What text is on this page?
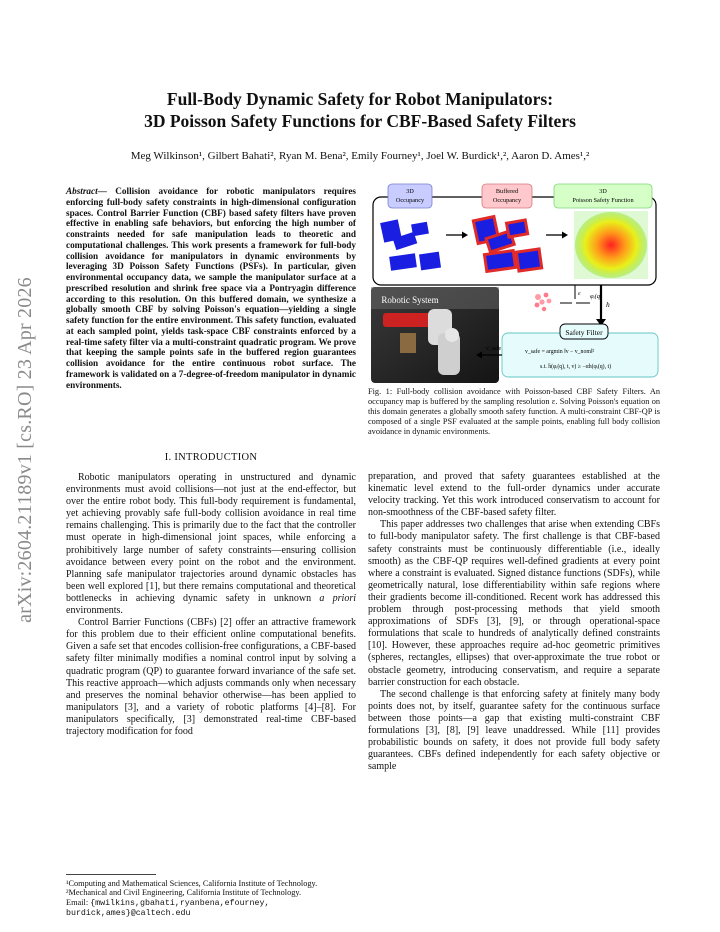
arXiv:2604.21189v1 [cs.RO] 23 Apr 2026
Full-Body Dynamic Safety for Robot Manipulators:
3D Poisson Safety Functions for CBF-Based Safety Filters
Meg Wilkinson¹, Gilbert Bahati², Ryan M. Bena², Emily Fourney¹, Joel W. Burdick¹,², Aaron D. Ames¹,²
Abstract— Collision avoidance for robotic manipulators requires enforcing full-body safety constraints in high-dimensional configuration spaces. Control Barrier Function (CBF) based safety filters have proven effective in enabling safe behaviors, but enforcing the high number of constraints needed for safe manipulation leads to theoretic and computational challenges. This work presents a framework for full-body collision avoidance for manipulators in dynamic environments by leveraging 3D Poisson Safety Functions (PSFs). In particular, given environmental occupancy data, we sample the manipulator surface at a prescribed resolution and shrink free space via a Pontryagin difference according to this resolution. On this buffered domain, we synthesize a globally smooth CBF by solving Poisson's equation—yielding a single safety function for the entire environment. This safety function, evaluated at each sampled point, yields task-space CBF constraints enforced by a real-time safety filter via a multi-constraint quadratic program. We prove that keeping the sample points safe in the buffered region guarantees collision avoidance for the entire continuous robot surface. The framework is validated on a 7-degree-of-freedom manipulator in dynamic environments.
I. INTRODUCTION

Robotic manipulators operating in unstructured and dynamic environments must avoid collisions—not just at the end-effector, but over the entire robot body. This full-body requirement is fundamental, yet achieving provably safe full-body collision avoidance in real time remains challenging. This is primarily due to the fact that the controller must operate in high-dimensional joint spaces, while enforcing a prohibitively large number of safety constraints—ensuring collision avoidance between every point on the robot and the environment. Planning safe manipulator trajectories around dynamic obstacles has been well explored [1], but there remains computational and theoretical bottlenecks in achieving dynamic safety in unknown a priori environments.

Control Barrier Functions (CBFs) [2] offer an attractive framework for this problem due to their efficient online computational benefits. Given a safe set that encodes collision-free configurations, a CBF-based safety filter minimally modifies a nominal control input by solving a quadratic program (QP) to guarantee forward invariance of the safe set. This reactive approach—which adjusts commands only when necessary and preserves the nominal behavior otherwise—has been applied to manipulators [3], and a variety of robotic platforms [4]–[8]. For manipulators specifically, [3] demonstrated real-time CBF-based trajectory modification for food

¹Computing and Mathematical Sciences, California Institute of Technology. ²Mechanical and Civil Engineering, California Institute of Technology.
Email: {mwilkins,gbahati,ryanbena,efourney, burdick,ames}@caltech.edu
3D
Occupancy
Buffered
Occupancy
3D
Poisson Safety Function
Robotic System
ε φᵢ(q)
h
Safety Filter
v_safe = argmin ‖v − v_nom‖²
s.t. ḣ(φᵢ(q), t, v) ≥ −αh(φᵢ(q), t)
v_safe
Fig. 1: Full-body collision avoidance with Poisson-based CBF Safety Filters. An occupancy map is buffered by the sampling resolution ε. Solving Poisson's equation on this domain generates a globally smooth safety function. A multi-constraint CBF-QP is composed of a single PSF evaluated at the sample points, enabling full body collision avoidance in dynamic environments.

preparation, and proved that safety guarantees established at the kinematic level extend to the full-order dynamics under accurate velocity tracking. Yet this work introduced conservatism to account for non-smoothness of the CBF-based safety filter.

This paper addresses two challenges that arise when extending CBFs to full-body manipulator safety. The first challenge is that CBF-based safety constraints must be continuously differentiable (i.e., ideally smooth) as the CBF-QP requires well-defined gradients at every point where a constraint is evaluated. Signed distance functions (SDFs), while geometrically natural, lose differentiability within safe regions where their gradients become ill-conditioned. Recent work has addressed this problem through post-processing methods that yield smooth approximations of SDFs [3], [9], or through operational-space formulations that scale to hundreds of analytically defined constraints [10]. However, these approaches require ad-hoc geometric primitives (spheres, rectangles, ellipses) that over-approximate the true robot or obstacle geometry, introducing conservatism, and require a separate barrier construction for each obstacle.

The second challenge is that enforcing safety at finitely many body points does not, by itself, guarantee safety for the continuous surface between those points—a gap that existing multi-constraint CBF formulations [3], [8], [9] leave unaddressed. While [11] provides probabilistic bounds on safety, it does not provide full body safety guarantees. CBFs defined independently for each safety objective or sample
